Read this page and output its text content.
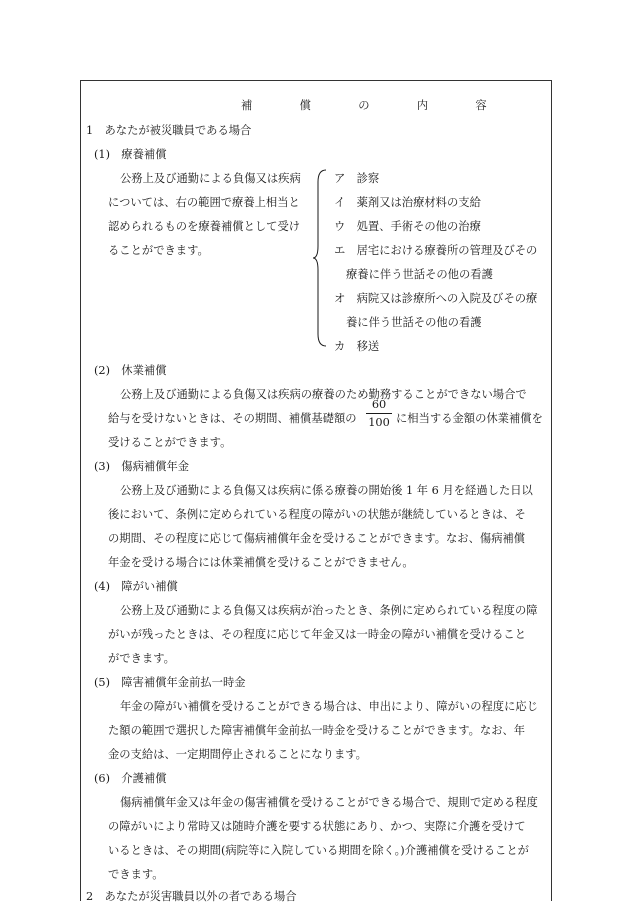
補　償　の　内　容
1　あなたが被災職員である場合
(1)　療養補償
公務上及び通勤による負傷又は疾病
については、右の範囲で療養上相当と
認められるものを療養補償として受け
ることができます。
ア　診察
イ　薬剤又は治療材料の支給
ウ　処置、手術その他の治療
エ　居宅における療養所の管理及びその
療養に伴う世話その他の看護
オ　病院又は診療所への入院及びその療
養に伴う世話その他の看護
カ　移送
(2)　休業補償
公務上及び通勤による負傷又は疾病の療養のため勤務することができない場合で
給与を受けないときは、その期間、補償基礎額の
60
100 に相当する金額の休業補償を
受けることができます。
(3)　傷病補償年金
公務上及び通勤による負傷又は疾病に係る療養の開始後 1 年 6 月を経過した日以
後において、条例に定められている程度の障がいの状態が継続しているときは、そ
の期間、その程度に応じて傷病補償年金を受けることができます。なお、傷病補償
年金を受ける場合には休業補償を受けることができません。
(4)　障がい補償
公務上及び通勤による負傷又は疾病が治ったとき、条例に定められている程度の障
がいが残ったときは、その程度に応じて年金又は一時金の障がい補償を受けること
ができます。
(5)　障害補償年金前払一時金
年金の障がい補償を受けることができる場合は、申出により、障がいの程度に応じ
た額の範囲で選択した障害補償年金前払一時金を受けることができます。なお、年
金の支給は、一定期間停止されることになります。
(6)　介護補償
傷病補償年金又は年金の傷害補償を受けることができる場合で、規則で定める程度
の障がいにより常時又は随時介護を要する状態にあり、かつ、実際に介護を受けて
いるときは、その期間(病院等に入院している期間を除く。)介護補償を受けることが
できます。
2　あなたが災害職員以外の者である場合
